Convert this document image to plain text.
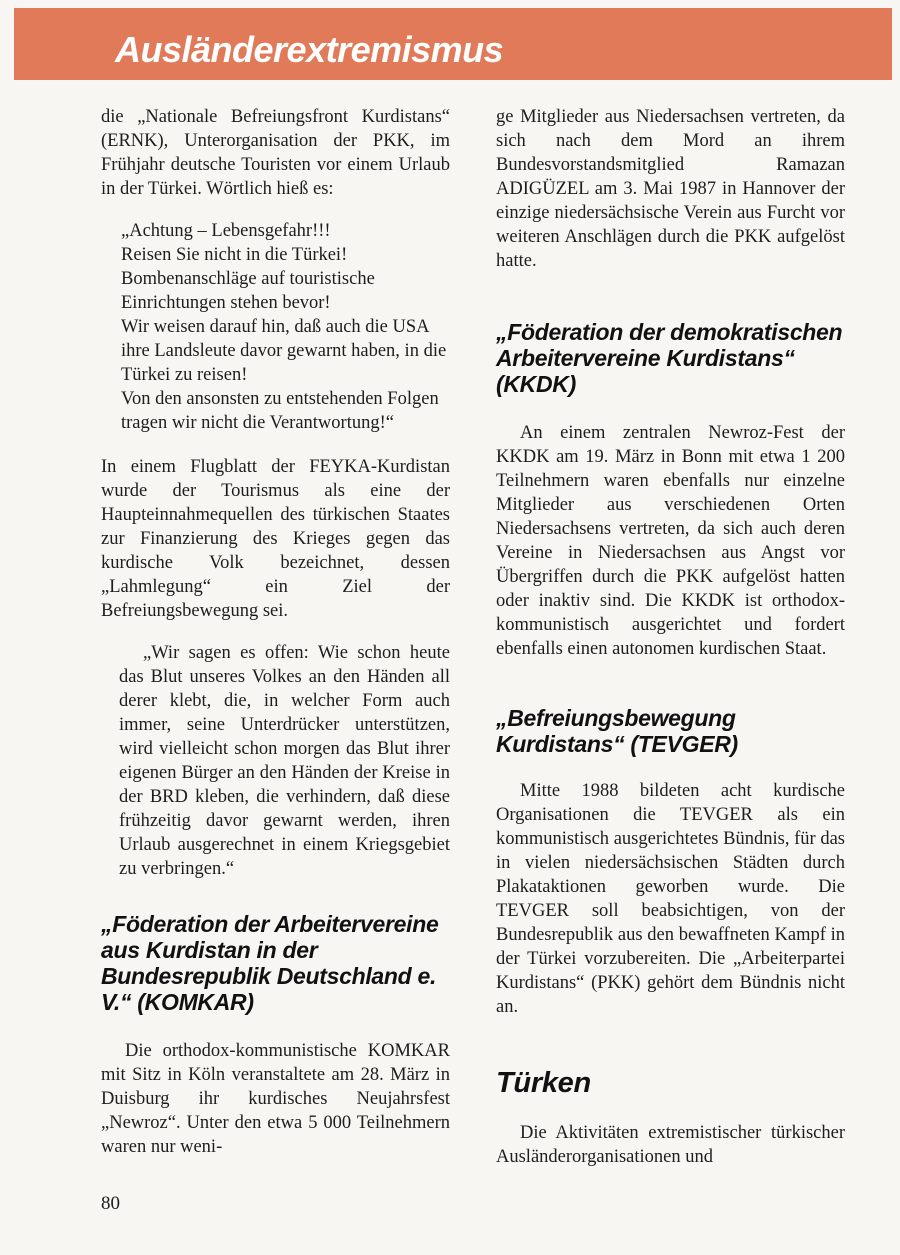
Ausländerextremismus

die „Nationale Befreiungsfront Kurdistans“ (ERNK), Unterorganisation der PKK, im Frühjahr deutsche Touristen vor einem Urlaub in der Türkei. Wörtlich hieß es:

„Achtung – Lebensgefahr!!!

Reisen Sie nicht in die Türkei!

Bombenanschläge auf touristische Einrichtungen stehen bevor!

Wir weisen darauf hin, daß auch die USA ihre Landsleute davor gewarnt haben, in die Türkei zu reisen!

Von den ansonsten zu entstehenden Folgen tragen wir nicht die Verantwortung!“

In einem Flugblatt der FEYKA-Kurdistan wurde der Tourismus als eine der Haupteinnahmequellen des türkischen Staates zur Finanzierung des Krieges gegen das kurdische Volk bezeichnet, dessen „Lahmlegung“ ein Ziel der Befreiungsbewegung sei.

„Wir sagen es offen: Wie schon heute das Blut unseres Volkes an den Händen all derer klebt, die, in welcher Form auch immer, seine Unterdrücker unterstützen, wird vielleicht schon morgen das Blut ihrer eigenen Bürger an den Händen der Kreise in der BRD kleben, die verhindern, daß diese frühzeitig davor gewarnt werden, ihren Urlaub ausgerechnet in einem Kriegsgebiet zu verbringen.“

„Föderation der Arbeitervereine aus Kurdistan in der Bundesrepublik Deutschland e. V.“ (KOMKAR)

Die orthodox-kommunistische KOMKAR mit Sitz in Köln veranstaltete am 28. März in Duisburg ihr kurdisches Neujahrsfest „Newroz“. Unter den etwa 5 000 Teilnehmern waren nur weni-

ge Mitglieder aus Niedersachsen vertreten, da sich nach dem Mord an ihrem Bundesvorstandsmitglied Ramazan ADIGÜZEL am 3. Mai 1987 in Hannover der einzige niedersächsische Verein aus Furcht vor weiteren Anschlägen durch die PKK aufgelöst hatte.

„Föderation der demokratischen Arbeitervereine Kurdistans“ (KKDK)

An einem zentralen Newroz-Fest der KKDK am 19. März in Bonn mit etwa 1 200 Teilnehmern waren ebenfalls nur einzelne Mitglieder aus verschiedenen Orten Niedersachsens vertreten, da sich auch deren Vereine in Niedersachsen aus Angst vor Übergriffen durch die PKK aufgelöst hatten oder inaktiv sind. Die KKDK ist orthodox-kommunistisch ausgerichtet und fordert ebenfalls einen autonomen kurdischen Staat.

„Befreiungsbewegung Kurdistans“ (TEVGER)

Mitte 1988 bildeten acht kurdische Organisationen die TEVGER als ein kommunistisch ausgerichtetes Bündnis, für das in vielen niedersächsischen Städten durch Plakataktionen geworben wurde. Die TEVGER soll beabsichtigen, von der Bundesrepublik aus den bewaffneten Kampf in der Türkei vorzubereiten. Die „Arbeiterpartei Kurdistans“ (PKK) gehört dem Bündnis nicht an.

Türken

Die Aktivitäten extremistischer türkischer Ausländerorganisationen und

80
